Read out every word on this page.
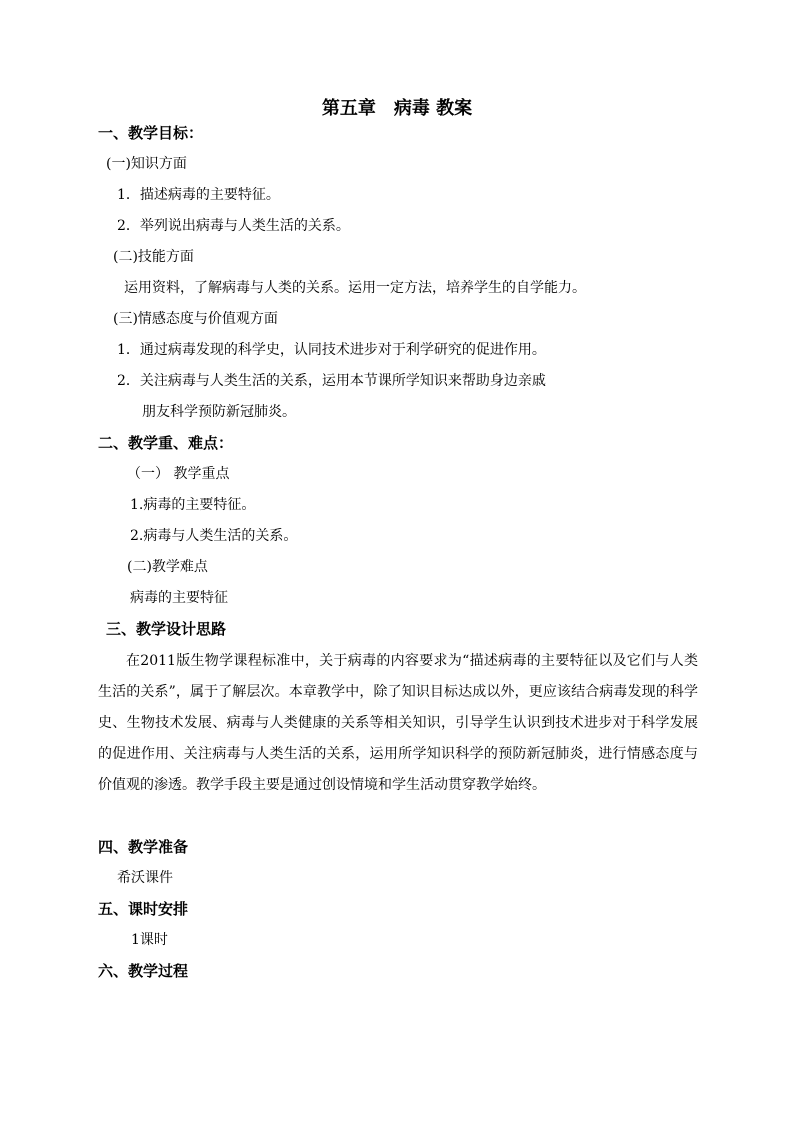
第五章　病毒 教案
一、教学目标：
(一)知识方面
1．描述病毒的主要特征。
2．举列说出病毒与人类生活的关系。
(二)技能方面
运用资料，了解病毒与人类的关系。运用一定方法，培养学生的自学能力。
(三)情感态度与价值观方面
1．通过病毒发现的科学史，认同技术进步对于利学研究的促进作用。
2．关注病毒与人类生活的关系，运用本节课所学知识来帮助身边亲戚
朋友科学预防新冠肺炎。
二、教学重、难点：
（一） 教学重点
1.病毒的主要特征。
2.病毒与人类生活的关系。
(二)教学难点
病毒的主要特征
三、教学设计思路
在2011版生物学课程标准中，关于病毒的内容要求为“描述病毒的主要特征以及它们与人类生活的关系”，属于了解层次。本章教学中，除了知识目标达成以外，更应该结合病毒发现的科学史、生物技术发展、病毒与人类健康的关系等相关知识，引导学生认识到技术进步对于科学发展的促进作用、关注病毒与人类生活的关系，运用所学知识科学的预防新冠肺炎，进行情感态度与价值观的渗透。教学手段主要是通过创设情境和学生活动贯穿教学始终。
四、教学准备
希沃课件
五、课时安排
1课时
六、教学过程
